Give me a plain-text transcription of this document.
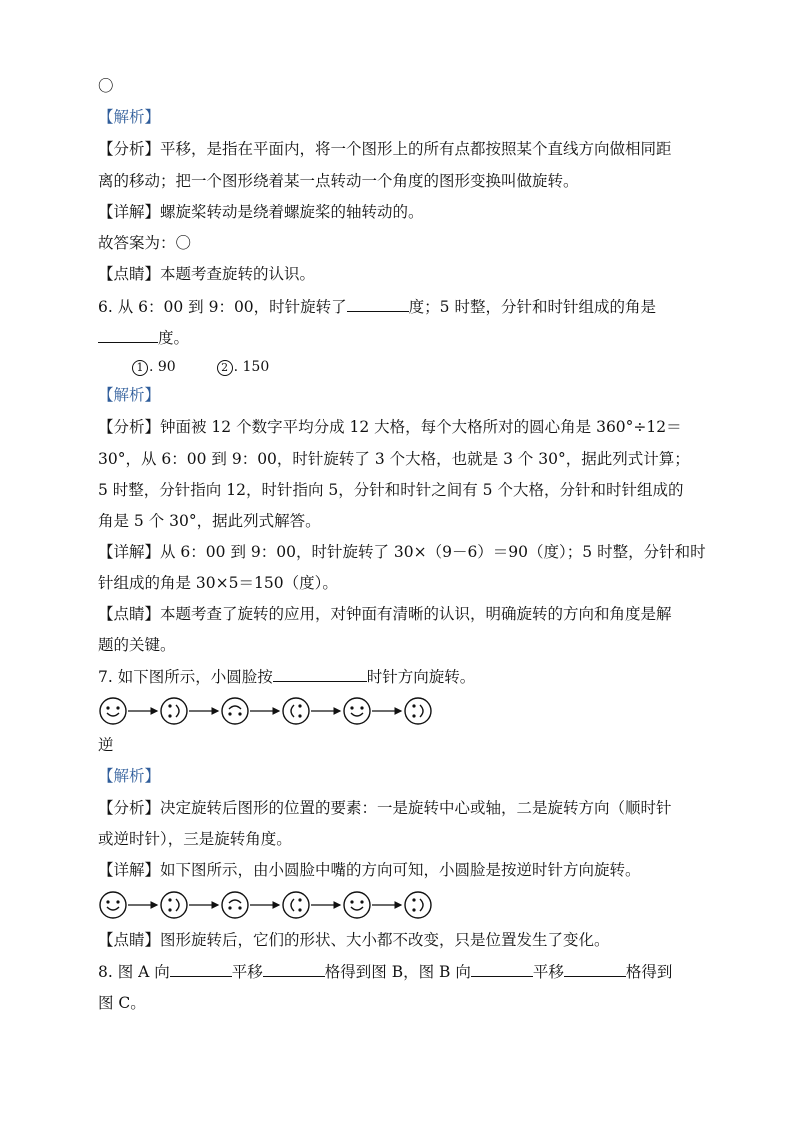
〇
【解析】
【分析】平移，是指在平面内，将一个图形上的所有点都按照某个直线方向做相同距
离的移动；把一个图形绕着某一点转动一个角度的图形变换叫做旋转。
【详解】螺旋桨转动是绕着螺旋桨的轴转动的。
故答案为：〇
【点睛】本题考查旋转的认识。
6. 从 6：00 到 9：00，时针旋转了	度；5 时整，分针和时针组成的角是
度。
1 . 90	2 . 150
【解析】
【分析】钟面被 12 个数字平均分成 12 大格，每个大格所对的圆心角是 360°÷12＝
30°，从 6：00 到 9：00，时针旋转了 3 个大格，也就是 3 个 30°，据此列式计算；
5 时整，分针指向 12，时针指向 5，分针和时针之间有 5 个大格，分针和时针组成的
角是 5 个 30°，据此列式解答。
【详解】从 6：00 到 9：00，时针旋转了 30×（9－6）＝90（度）；5 时整，分针和时
针组成的角是 30×5＝150（度）。
【点睛】本题考查了旋转的应用，对钟面有清晰的认识，明确旋转的方向和角度是解
题的关键。
7. 如下图所示，小圆脸按	时针方向旋转。
逆
【解析】
【分析】决定旋转后图形的位置的要素：一是旋转中心或轴，二是旋转方向（顺时针
或逆时针），三是旋转角度。
【详解】如下图所示，由小圆脸中嘴的方向可知，小圆脸是按逆时针方向旋转。
【点睛】图形旋转后，它们的形状、大小都不改变，只是位置发生了变化。
8. 图 A 向	平移	格得到图 B，图 B 向	平移	格得到
图 C。
